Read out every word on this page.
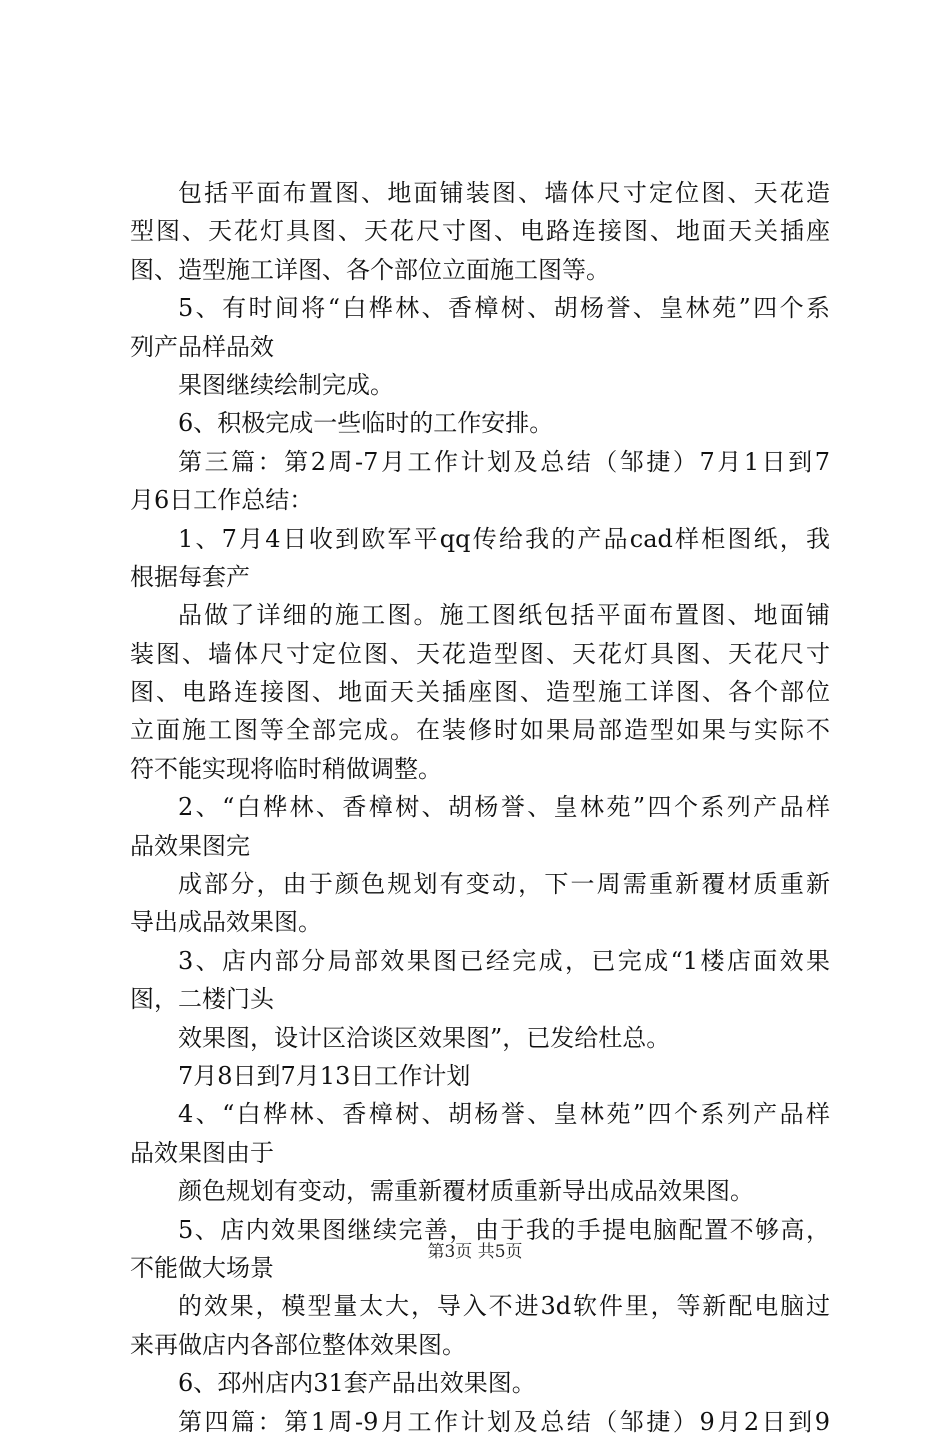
包括平面布置图、地面铺装图、墙体尺寸定位图、天花造
型图、天花灯具图、天花尺寸图、电路连接图、地面天关插座
图、造型施工详图、各个部位立面施工图等。
5、有时间将“白桦林、香樟树、胡杨誉、皇林苑”四个系
列产品样品效
果图继续绘制完成。
6、积极完成一些临时的工作安排。
第三篇：第2周-7月工作计划及总结（邹捷）7月1日到7
月6日工作总结：
1、7月4日收到欧军平qq传给我的产品cad样柜图纸，我
根据每套产
品做了详细的施工图。施工图纸包括平面布置图、地面铺
装图、墙体尺寸定位图、天花造型图、天花灯具图、天花尺寸
图、电路连接图、地面天关插座图、造型施工详图、各个部位
立面施工图等全部完成。在装修时如果局部造型如果与实际不
符不能实现将临时稍做调整。
2、“白桦林、香樟树、胡杨誉、皇林苑”四个系列产品样
品效果图完
成部分，由于颜色规划有变动，下一周需重新覆材质重新
导出成品效果图。
3、店内部分局部效果图已经完成，已完成“1楼店面效果
图，二楼门头
效果图，设计区洽谈区效果图”，已发给杜总。
7月8日到7月13日工作计划
4、“白桦林、香樟树、胡杨誉、皇林苑”四个系列产品样
品效果图由于
颜色规划有变动，需重新覆材质重新导出成品效果图。
5、店内效果图继续完善，由于我的手提电脑配置不够高，
不能做大场景
的效果，模型量太大，导入不进3d软件里，等新配电脑过
来再做店内各部位整体效果图。
6、邳州店内31套产品出效果图。
第四篇：第1周-9月工作计划及总结（邹捷）9月2日到9
第3页 共5页
